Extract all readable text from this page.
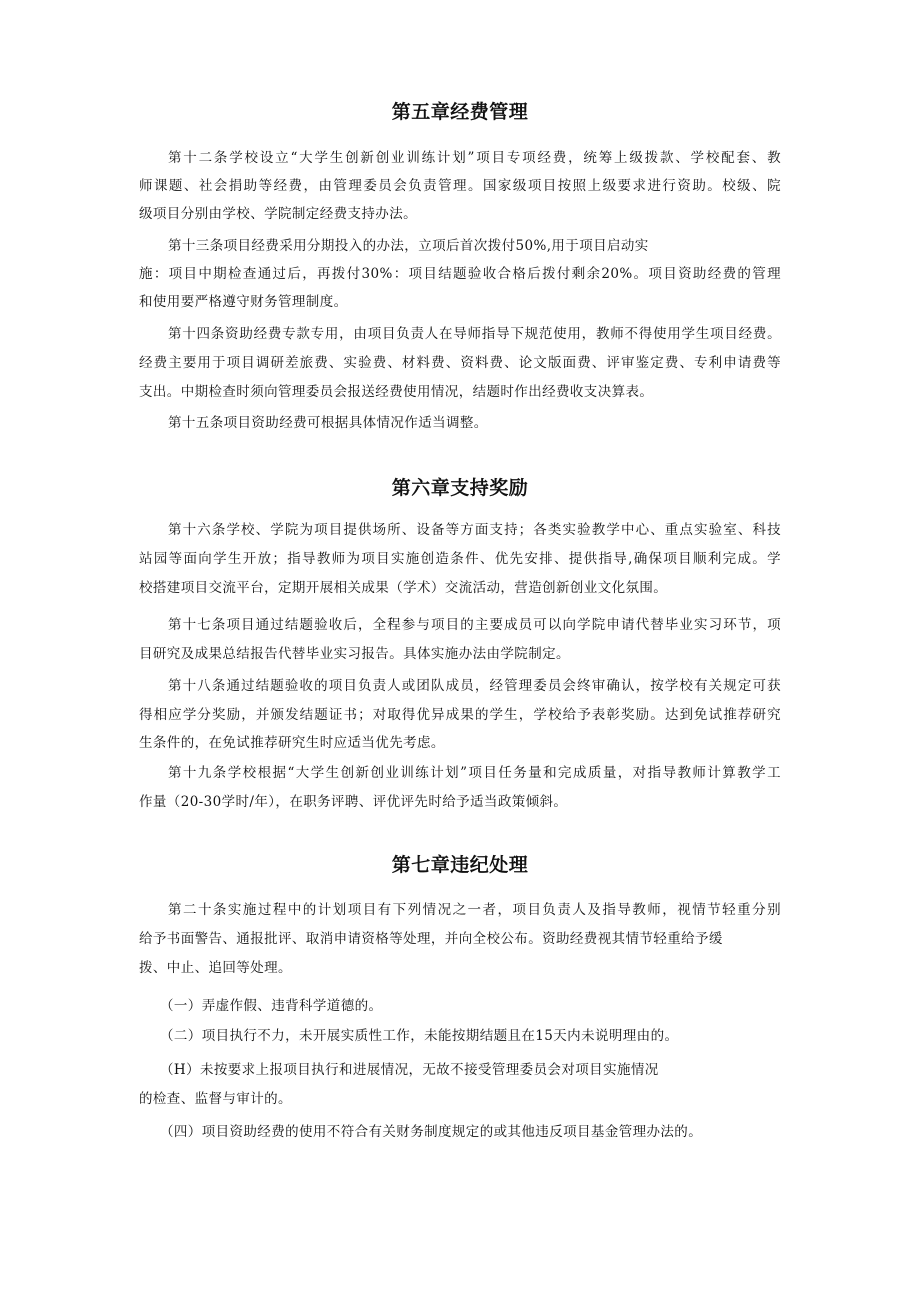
第五章经费管理

第十二条学校设立“大学生创新创业训练计划”项目专项经费，统筹上级拨款、学校配套、教

师课题、社会捐助等经费，由管理委员会负责管理。国家级项目按照上级要求进行资助。校级、院

级项目分别由学校、学院制定经费支持办法。

第十三条项目经费采用分期投入的办法，立项后首次拨付50%,用于项目启动实

施：项目中期检查通过后，再拨付30%：项目结题验收合格后拨付剩余20%。项目资助经费的管理

和使用要严格遵守财务管理制度。

第十四条资助经费专款专用，由项目负责人在导师指导下规范使用，教师不得使用学生项目经费。

经费主要用于项目调研差旅费、实验费、材料费、资料费、论文版面费、评审鉴定费、专利申请费等

支出。中期检查时须向管理委员会报送经费使用情况，结题时作出经费收支决算表。

第十五条项目资助经费可根据具体情况作适当调整。

第六章支持奖励

第十六条学校、学院为项目提供场所、设备等方面支持；各类实验教学中心、重点实验室、科技

站园等面向学生开放；指导教师为项目实施创造条件、优先安排、提供指导,确保项目顺利完成。学

校搭建项目交流平台，定期开展相关成果（学术）交流活动，营造创新创业文化氛围。

第十七条项目通过结题验收后，全程参与项目的主要成员可以向学院申请代替毕业实习环节，项

目研究及成果总结报告代替毕业实习报告。具体实施办法由学院制定。

第十八条通过结题验收的项目负责人或团队成员，经管理委员会终审确认，按学校有关规定可获

得相应学分奖励，并颁发结题证书；对取得优异成果的学生，学校给予表彰奖励。达到免试推荐研究

生条件的，在免试推荐研究生时应适当优先考虑。

第十九条学校根据“大学生创新创业训练计划”项目任务量和完成质量，对指导教师计算教学工

作量（20-30学时/年），在职务评聘、评优评先时给予适当政策倾斜。

第七章违纪处理

第二十条实施过程中的计划项目有下列情况之一者，项目负责人及指导教师，视情节轻重分别

给予书面警告、通报批评、取消申请资格等处理，并向全校公布。资助经费视其情节轻重给予缓

拨、中止、追回等处理。

（一）弄虚作假、违背科学道德的。

（二）项目执行不力，未开展实质性工作，未能按期结题且在15天内未说明理由的。

（H）未按要求上报项目执行和进展情况，无故不接受管理委员会对项目实施情况

的检查、监督与审计的。

（四）项目资助经费的使用不符合有关财务制度规定的或其他违反项目基金管理办法的。
